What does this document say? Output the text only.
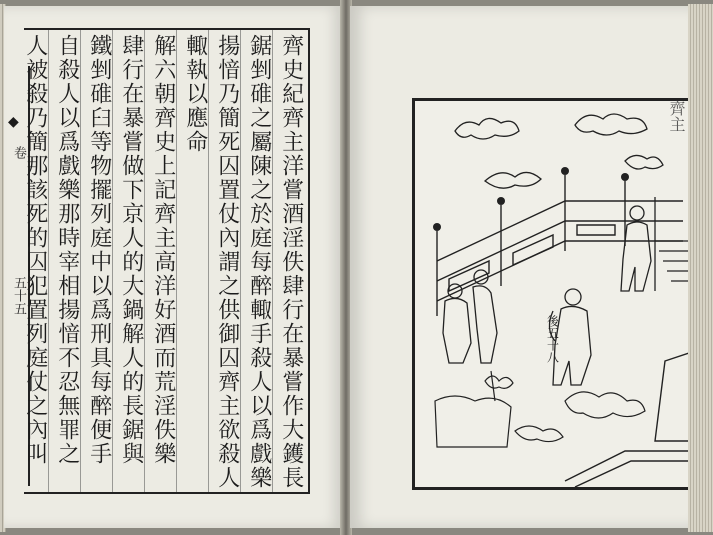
◆
卷
五十五	齊史紀齊主洋嘗酒淫佚肆行在暴嘗作大鑊長
鋸剉碓之屬陳之於庭每醉輙手殺人以爲戲樂
揚愔乃簡死囚置仗內謂之供御囚齊主欲殺人
輙執以應命
解六朝齊史上記齊主高洋好酒而荒淫佚樂
肆行在暴嘗做下京人的大鍋解人的長鋸與
鐵剉碓臼等物擺列庭中以爲刑具每醉便手
自殺人以爲戲樂那時宰相揚愔不忍無罪之
人被殺乃簡那該死的囚犯置列庭仗之內叫	後五十八
齊主
